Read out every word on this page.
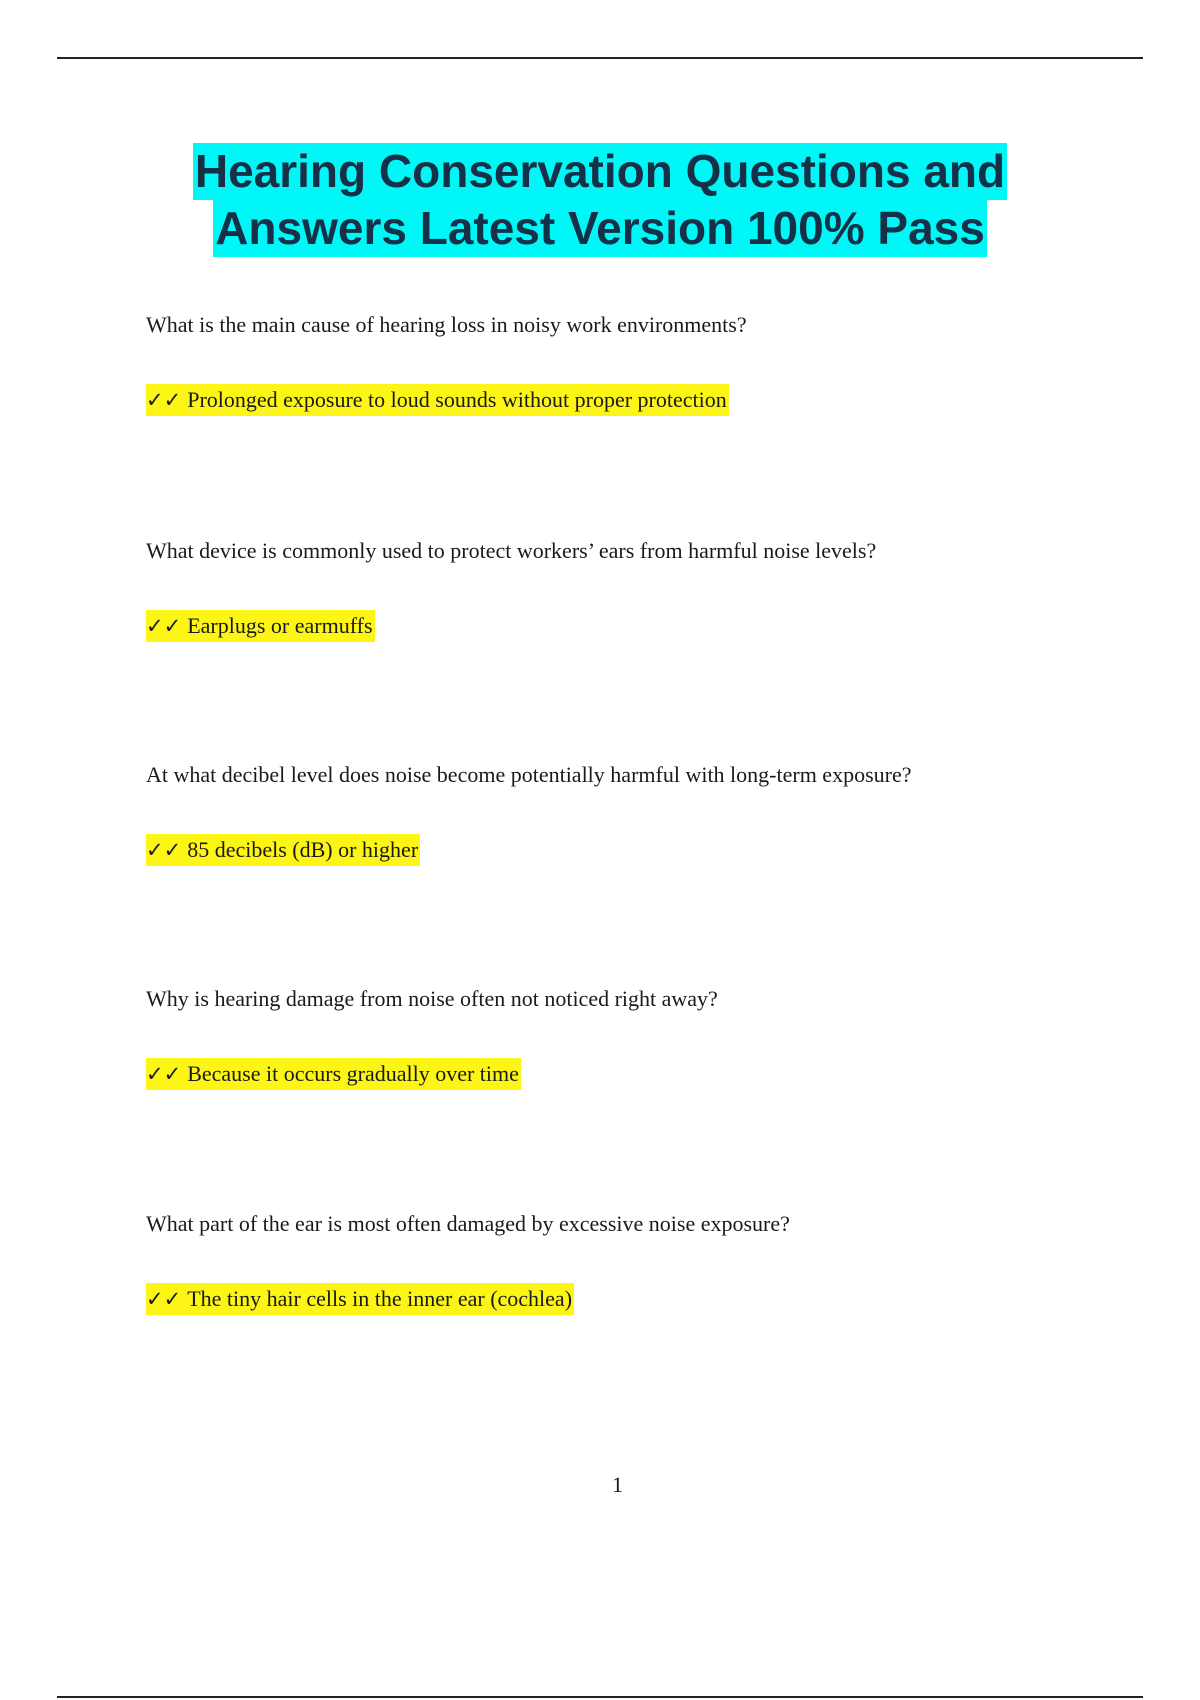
Hearing Conservation Questions and
Answers Latest Version 100% Pass

What is the main cause of hearing loss in noisy work environments?

✓✓ Prolonged exposure to loud sounds without proper protection

What device is commonly used to protect workers’ ears from harmful noise levels?

✓✓ Earplugs or earmuffs

At what decibel level does noise become potentially harmful with long-term exposure?

✓✓ 85 decibels (dB) or higher

Why is hearing damage from noise often not noticed right away?

✓✓ Because it occurs gradually over time

What part of the ear is most often damaged by excessive noise exposure?

✓✓ The tiny hair cells in the inner ear (cochlea)

1
